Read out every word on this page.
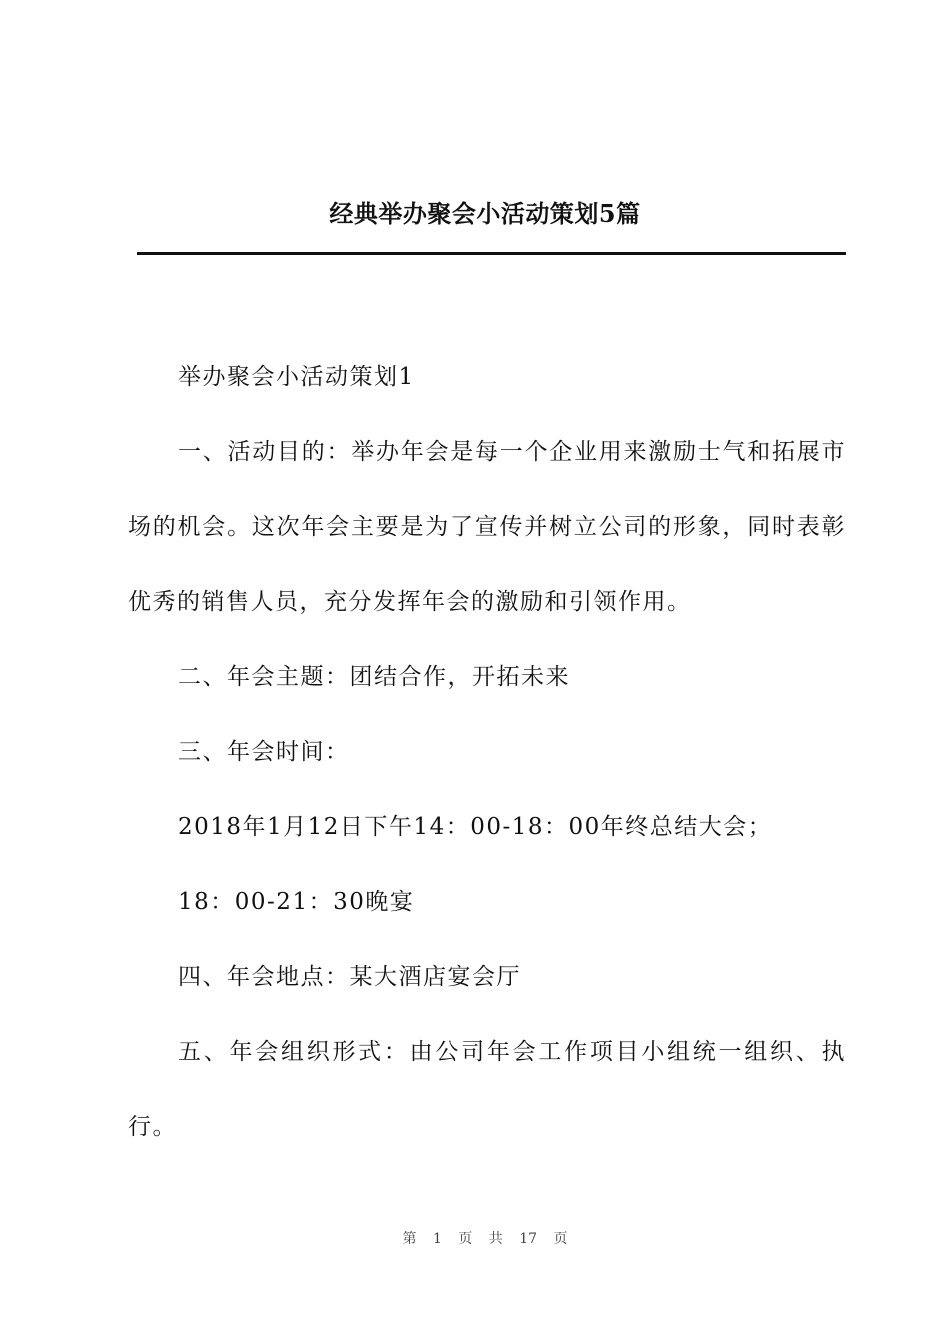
经典举办聚会小活动策划5篇

举办聚会小活动策划1

一、活动目的：举办年会是每一个企业用来激励士气和拓展市场的机会。这次年会主要是为了宣传并树立公司的形象，同时表彰优秀的销售人员，充分发挥年会的激励和引领作用。

二、年会主题：团结合作，开拓未来

三、年会时间：

2018年1月12日下午14：00-18：00年终总结大会；

18：00-21：30晚宴

四、年会地点：某大酒店宴会厅

五、年会组织形式：由公司年会工作项目小组统一组织、执行。

第 1 页 共 17 页
